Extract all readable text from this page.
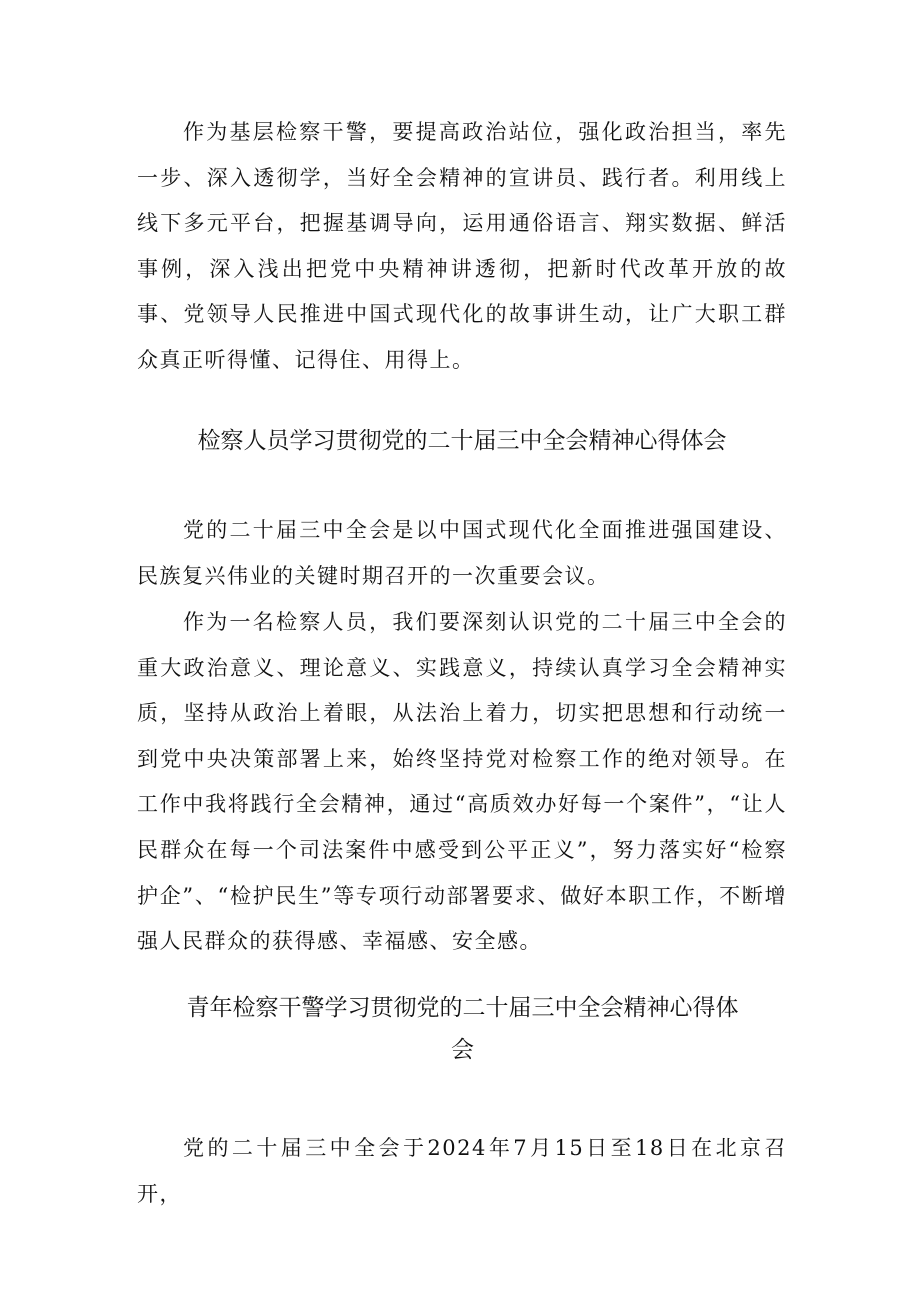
作为基层检察干警，要提高政治站位，强化政治担当，率先一步、深入透彻学，当好全会精神的宣讲员、践行者。利用线上线下多元平台，把握基调导向，运用通俗语言、翔实数据、鲜活事例，深入浅出把党中央精神讲透彻，把新时代改革开放的故事、党领导人民推进中国式现代化的故事讲生动，让广大职工群众真正听得懂、记得住、用得上。

检察人员学习贯彻党的二十届三中全会精神心得体会

党的二十届三中全会是以中国式现代化全面推进强国建设、民族复兴伟业的关键时期召开的一次重要会议。

作为一名检察人员，我们要深刻认识党的二十届三中全会的重大政治意义、理论意义、实践意义，持续认真学习全会精神实质，坚持从政治上着眼，从法治上着力，切实把思想和行动统一到党中央决策部署上来，始终坚持党对检察工作的绝对领导。在工作中我将践行全会精神，通过“高质效办好每一个案件”，“让人民群众在每一个司法案件中感受到公平正义”，努力落实好“检察护企”、“检护民生”等专项行动部署要求、做好本职工作，不断增强人民群众的获得感、幸福感、安全感。

青年检察干警学习贯彻党的二十届三中全会精神心得体会

党的二十届三中全会于2024年7月15日至18日在北京召开，
